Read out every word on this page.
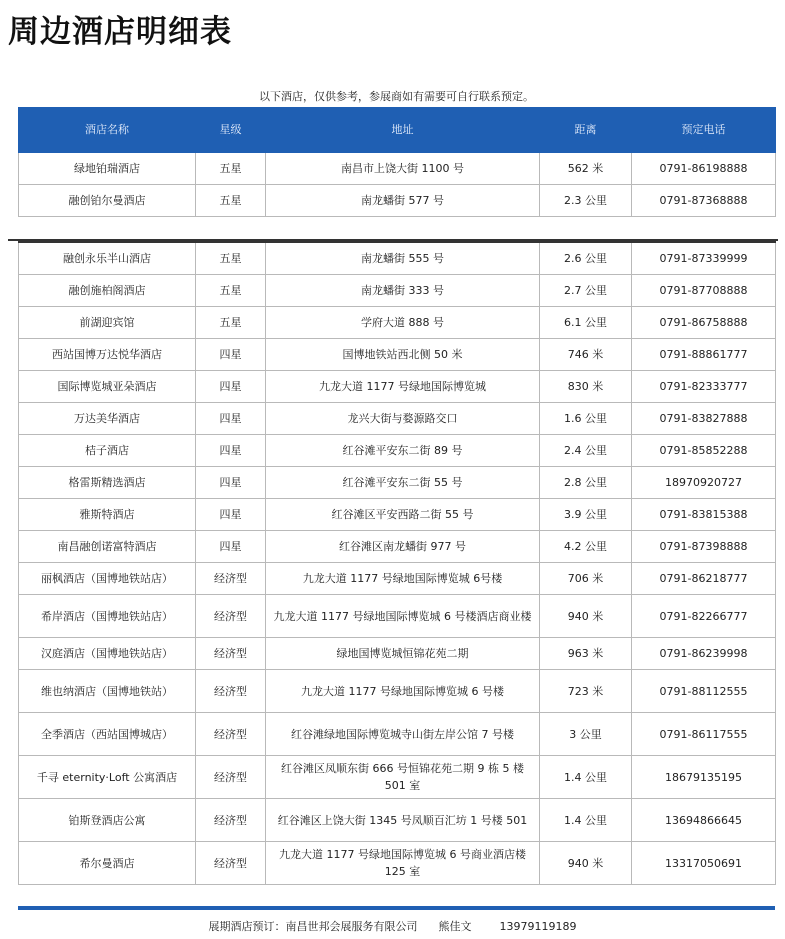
周边酒店明细表
以下酒店，仅供参考，参展商如有需要可自行联系预定。
酒店名称	星级	地址	距离	预定电话
绿地铂瑞酒店	五星	南昌市上饶大街 1100 号	562 米	0791-86198888
融创铂尔曼酒店	五星	南龙蟠街 577 号	2.3 公里	0791-87368888
融创永乐半山酒店	五星	南龙蟠街 555 号	2.6 公里	0791-87339999
融创施柏阁酒店	五星	南龙蟠街 333 号	2.7 公里	0791-87708888
前湖迎宾馆	五星	学府大道 888 号	6.1 公里	0791-86758888
西站国博万达悦华酒店	四星	国博地铁站西北侧 50 米	746 米	0791-88861777
国际博览城亚朵酒店	四星	九龙大道 1177 号绿地国际博览城	830 米	0791-82333777
万达美华酒店	四星	龙兴大街与婺源路交口	1.6 公里	0791-83827888
桔子酒店	四星	红谷滩平安东二街 89 号	2.4 公里	0791-85852288
格雷斯精选酒店	四星	红谷滩平安东二街 55 号	2.8 公里	18970920727
雅斯特酒店	四星	红谷滩区平安西路二街 55 号	3.9 公里	0791-83815388
南昌融创诺富特酒店	四星	红谷滩区南龙蟠街 977 号	4.2 公里	0791-87398888
丽枫酒店（国博地铁站店）	经济型	九龙大道 1177 号绿地国际博览城 6号楼	706 米	0791-86218777
希岸酒店（国博地铁站店）	经济型	九龙大道 1177 号绿地国际博览城 6 号楼酒店商业楼	940 米	0791-82266777
汉庭酒店（国博地铁站店）	经济型	绿地国博览城恒锦花苑二期	963 米	0791-86239998
维也纳酒店（国博地铁站）	经济型	九龙大道 1177 号绿地国际博览城 6 号楼	723 米	0791-88112555
全季酒店（西站国博城店）	经济型	红谷滩绿地国际博览城寺山街左岸公馆 7 号楼	3 公里	0791-86117555
千寻 eternity·Loft 公寓酒店	经济型	红谷滩区凤顺东街 666 号恒锦花苑二期 9 栋 5 楼 501 室	1.4 公里	18679135195
铂斯登酒店公寓	经济型	红谷滩区上饶大街 1345 号凤顺百汇坊 1 号楼 501	1.4 公里	13694866645
希尔曼酒店	经济型	九龙大道 1177 号绿地国际博览城 6 号商业酒店楼 125 室	940 米	13317050691
展期酒店预订：南昌世邦会展服务有限公司      熊佳文        13979119189
